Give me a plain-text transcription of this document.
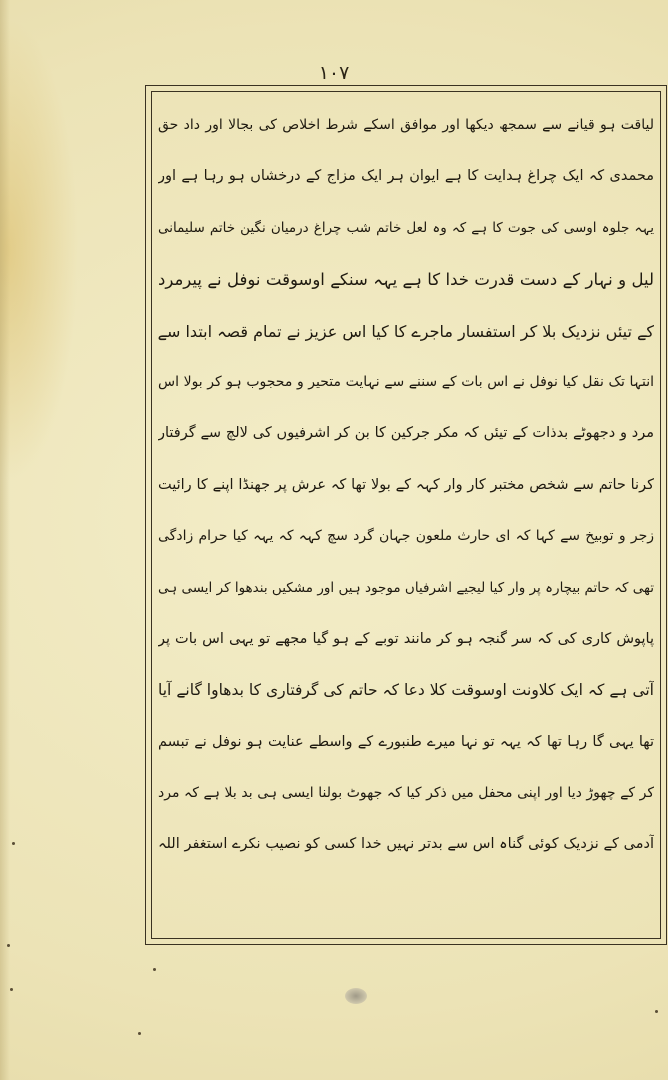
۱۰۷
لیاقت ہو قیانے سے سمجھ دیکھا اور موافق اسکے شرط اخلاص کی بجالا اور داد حق
محمدی کہ ایک چراغ ہدایت کا ہے ایوان ہر ایک مزاج کے درخشاں ہو رہا ہے اور
یہہ جلوہ اوسی کی جوت کا ہے کہ وہ لعل خاتم شب چراغ درمیان نگین خاتم سلیمانی
لیل و نہار کے دست قدرت خدا کا ہے یہہ سنکے اوسوقت نوفل نے پیرمرد
کے تیئں نزدیک بلا کر استفسار ماجرے کا کیا اس عزیز نے تمام قصہ ابتدا سے
انتہا تک نقل کیا نوفل نے اس بات کے سننے سے نہایت متحیر و محجوب ہو کر بولا اس
مرد و دجھوٹے بدذات کے تیئں کہ مکر جرکین کا بن کر اشرفیوں کی لالچ سے گرفتار
کرنا حاتم سے شخص مختبر کار وار کہہ کے بولا تھا کہ عرش پر جھنڈا اپنے کا رائیت
زجر و توبیخ سے کہا کہ ای حارث ملعون جہان گرد سچ کہہ کہ یہہ کیا حرام زادگی
تھی کہ حاتم بیچارہ پر وار کیا لیجیے اشرفیاں موجود ہیں اور مشکیں بندھوا کر ایسی ہی
پاپوش کاری کی کہ سر گنجہ ہو کر مانند توبے کے ہو گیا مجھے تو یہی اس بات پر
آتی ہے کہ ایک کلاونت اوسوقت کلا دعا کہ حاتم کی گرفتاری کا بدھاوا گانے آیا
تھا یہی گا رہا تھا کہ یہہ تو نہا میرے طنبورے کے واسطے عنایت ہو نوفل نے تبسم
کر کے چھوڑ دیا اور اپنی محفل میں ذکر کیا کہ جھوٹ بولنا ایسی ہی بد بلا ہے کہ مرد
آدمی کے نزدیک کوئی گناہ اس سے بدتر نہیں خدا کسی کو نصیب نکرے استغفر اللہ
